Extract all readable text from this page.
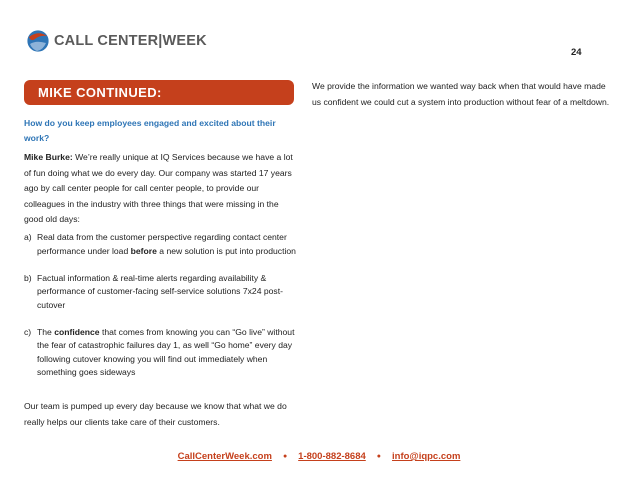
CALL CENTER|WEEK
24
MIKE CONTINUED:
How do you keep employees engaged and excited about their work?
Mike Burke: We’re really unique at IQ Services because we have a lot of fun doing what we do every day. Our company was started 17 years ago by call center people for call center people, to provide our colleagues in the industry with three things that were missing in the good old days:
a) Real data from the customer perspective regarding contact center performance under load before a new solution is put into production
b) Factual information & real-time alerts regarding availability & performance of customer-facing self-service solutions 7x24 post-cutover
c) The confidence that comes from knowing you can “Go live” without the fear of catastrophic failures day 1, as well “Go home” every day following cutover knowing you will find out immediately when something goes sideways
Our team is pumped up every day because we know that what we do really helps our clients take care of their customers.
We provide the information we wanted way back when that would have made us confident we could cut a system into production without fear of a meltdown.
CallCenterWeek.com ● 1-800-882-8684 ● info@iqpc.com
